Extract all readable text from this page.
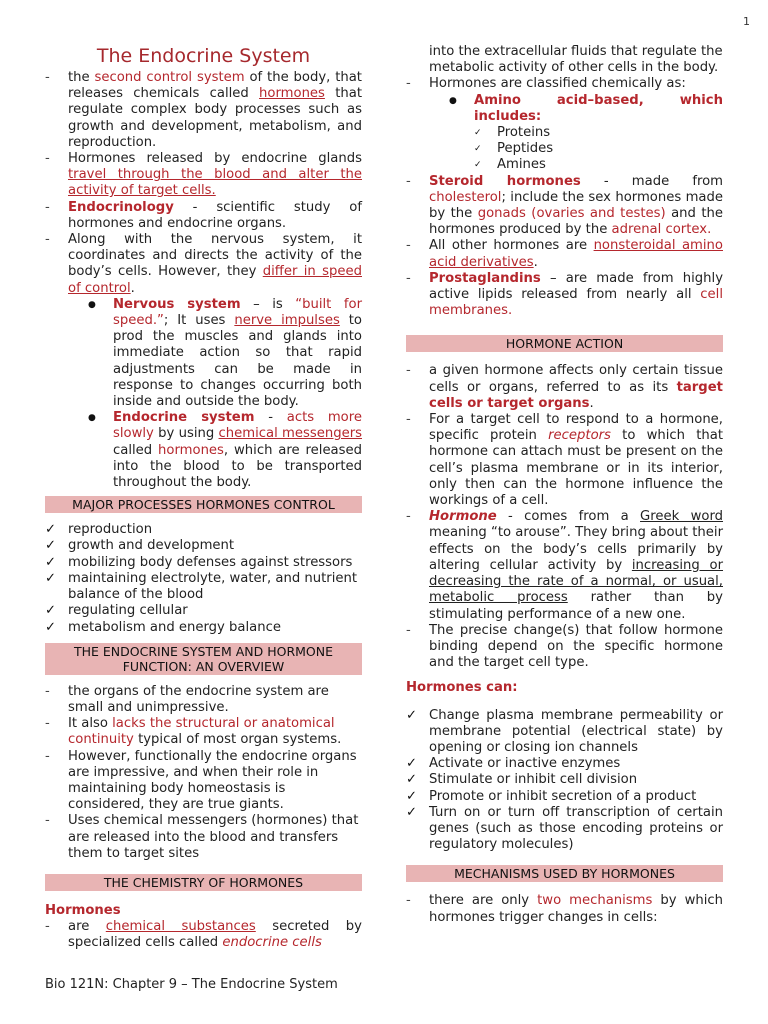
1
The Endocrine System
- the second control system of the body, that releases chemicals called hormones that regulate complex body processes such as growth and development, metabolism, and reproduction.
- Hormones released by endocrine glands travel through the blood and alter the activity of target cells.
- Endocrinology - scientific study of hormones and endocrine organs.
- Along with the nervous system, it coordinates and directs the activity of the body’s cells. However, they differ in speed of control.
● Nervous system – is “built for speed.”; It uses nerve impulses to prod the muscles and glands into immediate action so that rapid adjustments can be made in response to changes occurring both inside and outside the body.
● Endocrine system - acts more slowly by using chemical messengers called hormones, which are released into the blood to be transported throughout the body.
MAJOR PROCESSES HORMONES CONTROL
✓ reproduction
✓ growth and development
✓ mobilizing body defenses against stressors
✓ maintaining electrolyte, water, and nutrient balance of the blood
✓ regulating cellular
✓ metabolism and energy balance
THE ENDOCRINE SYSTEM AND HORMONE FUNCTION: AN OVERVIEW
- the organs of the endocrine system are small and unimpressive.
- It also lacks the structural or anatomical continuity typical of most organ systems.
- However, functionally the endocrine organs are impressive, and when their role in maintaining body homeostasis is considered, they are true giants.
- Uses chemical messengers (hormones) that are released into the blood and transfers them to target sites
THE CHEMISTRY OF HORMONES

Hormones

- are chemical substances secreted by specialized cells called endocrine cells
Bio 121N: Chapter 9 – The Endocrine System
into the extracellular fluids that regulate the metabolic activity of other cells in the body.
- Hormones are classified chemically as:
● Amino acid–based, which includes:
✓ Proteins
✓ Peptides
✓ Amines
- Steroid hormones - made from cholesterol; include the sex hormones made by the gonads (ovaries and testes) and the hormones produced by the adrenal cortex.
- All other hormones are nonsteroidal amino acid derivatives.
- Prostaglandins – are made from highly active lipids released from nearly all cell membranes.
HORMONE ACTION
- a given hormone affects only certain tissue cells or organs, referred to as its target cells or target organs.
- For a target cell to respond to a hormone, specific protein receptors to which that hormone can attach must be present on the cell’s plasma membrane or in its interior, only then can the hormone influence the workings of a cell.
- Hormone - comes from a Greek word meaning “to arouse”. They bring about their effects on the body’s cells primarily by altering cellular activity by increasing or decreasing the rate of a normal, or usual, metabolic process rather than by stimulating performance of a new one.
- The precise change(s) that follow hormone binding depend on the specific hormone and the target cell type.

Hormones can:

✓ Change plasma membrane permeability or membrane potential (electrical state) by opening or closing ion channels
✓ Activate or inactive enzymes
✓ Stimulate or inhibit cell division
✓ Promote or inhibit secretion of a product
✓ Turn on or turn off transcription of certain genes (such as those encoding proteins or regulatory molecules)
MECHANISMS USED BY HORMONES
- there are only two mechanisms by which hormones trigger changes in cells:
